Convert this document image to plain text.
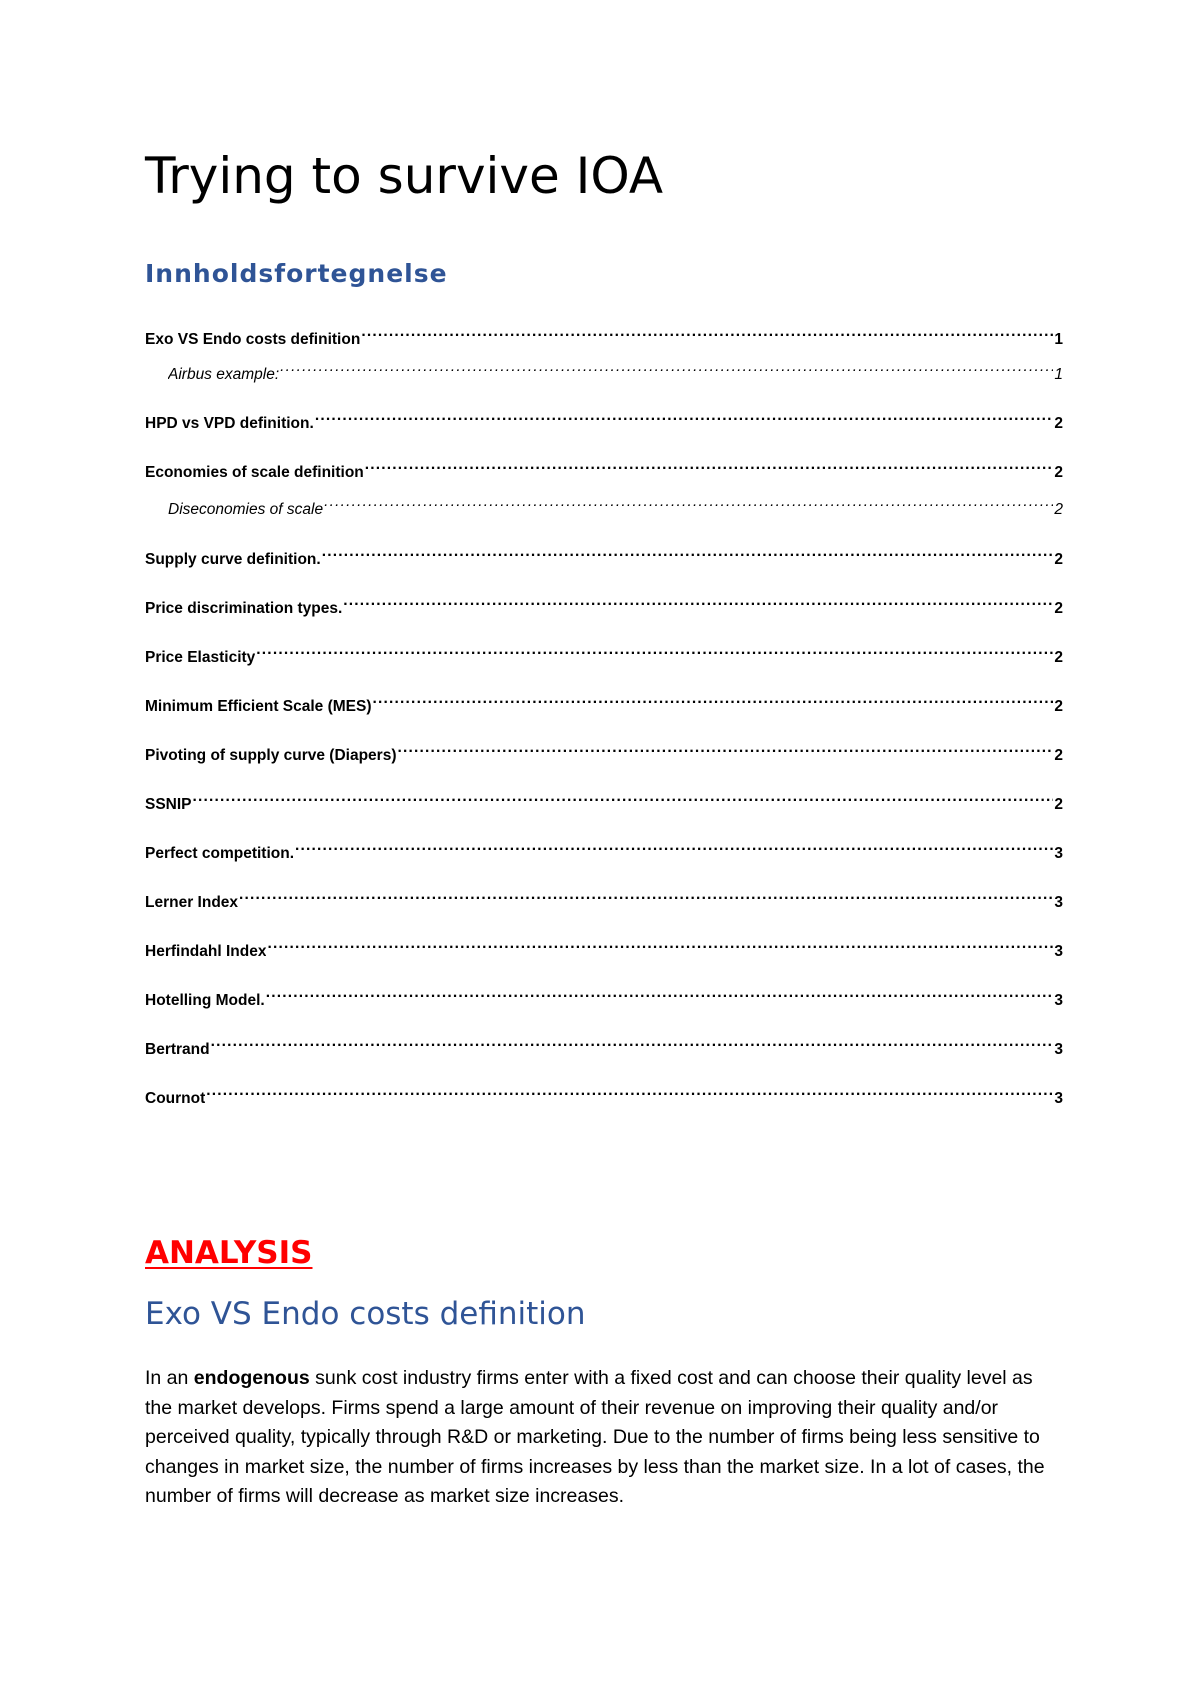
Trying to survive IOA
Innholdsfortegnelse
Exo VS Endo costs definition .....	1
Airbus example: .....	1
HPD vs VPD definition. .....	2
Economies of scale definition .....	2
Diseconomies of scale .....	2
Supply curve definition. .....	2
Price discrimination types. .....	2
Price Elasticity .....	2
Minimum Efficient Scale (MES) .....	2
Pivoting of supply curve (Diapers) .....	2
SSNIP .....	2
Perfect competition. .....	3
Lerner Index .....	3
Herfindahl Index .....	3
Hotelling Model. .....	3
Bertrand .....	3
Cournot .....	3
ANALYSIS
Exo VS Endo costs definition

In an endogenous sunk cost industry firms enter with a fixed cost and can choose their quality level as the market develops. Firms spend a large amount of their revenue on improving their quality and/or perceived quality, typically through R&D or marketing. Due to the number of firms being less sensitive to changes in market size, the number of firms increases by less than the market size. In a lot of cases, the number of firms will decrease as market size increases.
